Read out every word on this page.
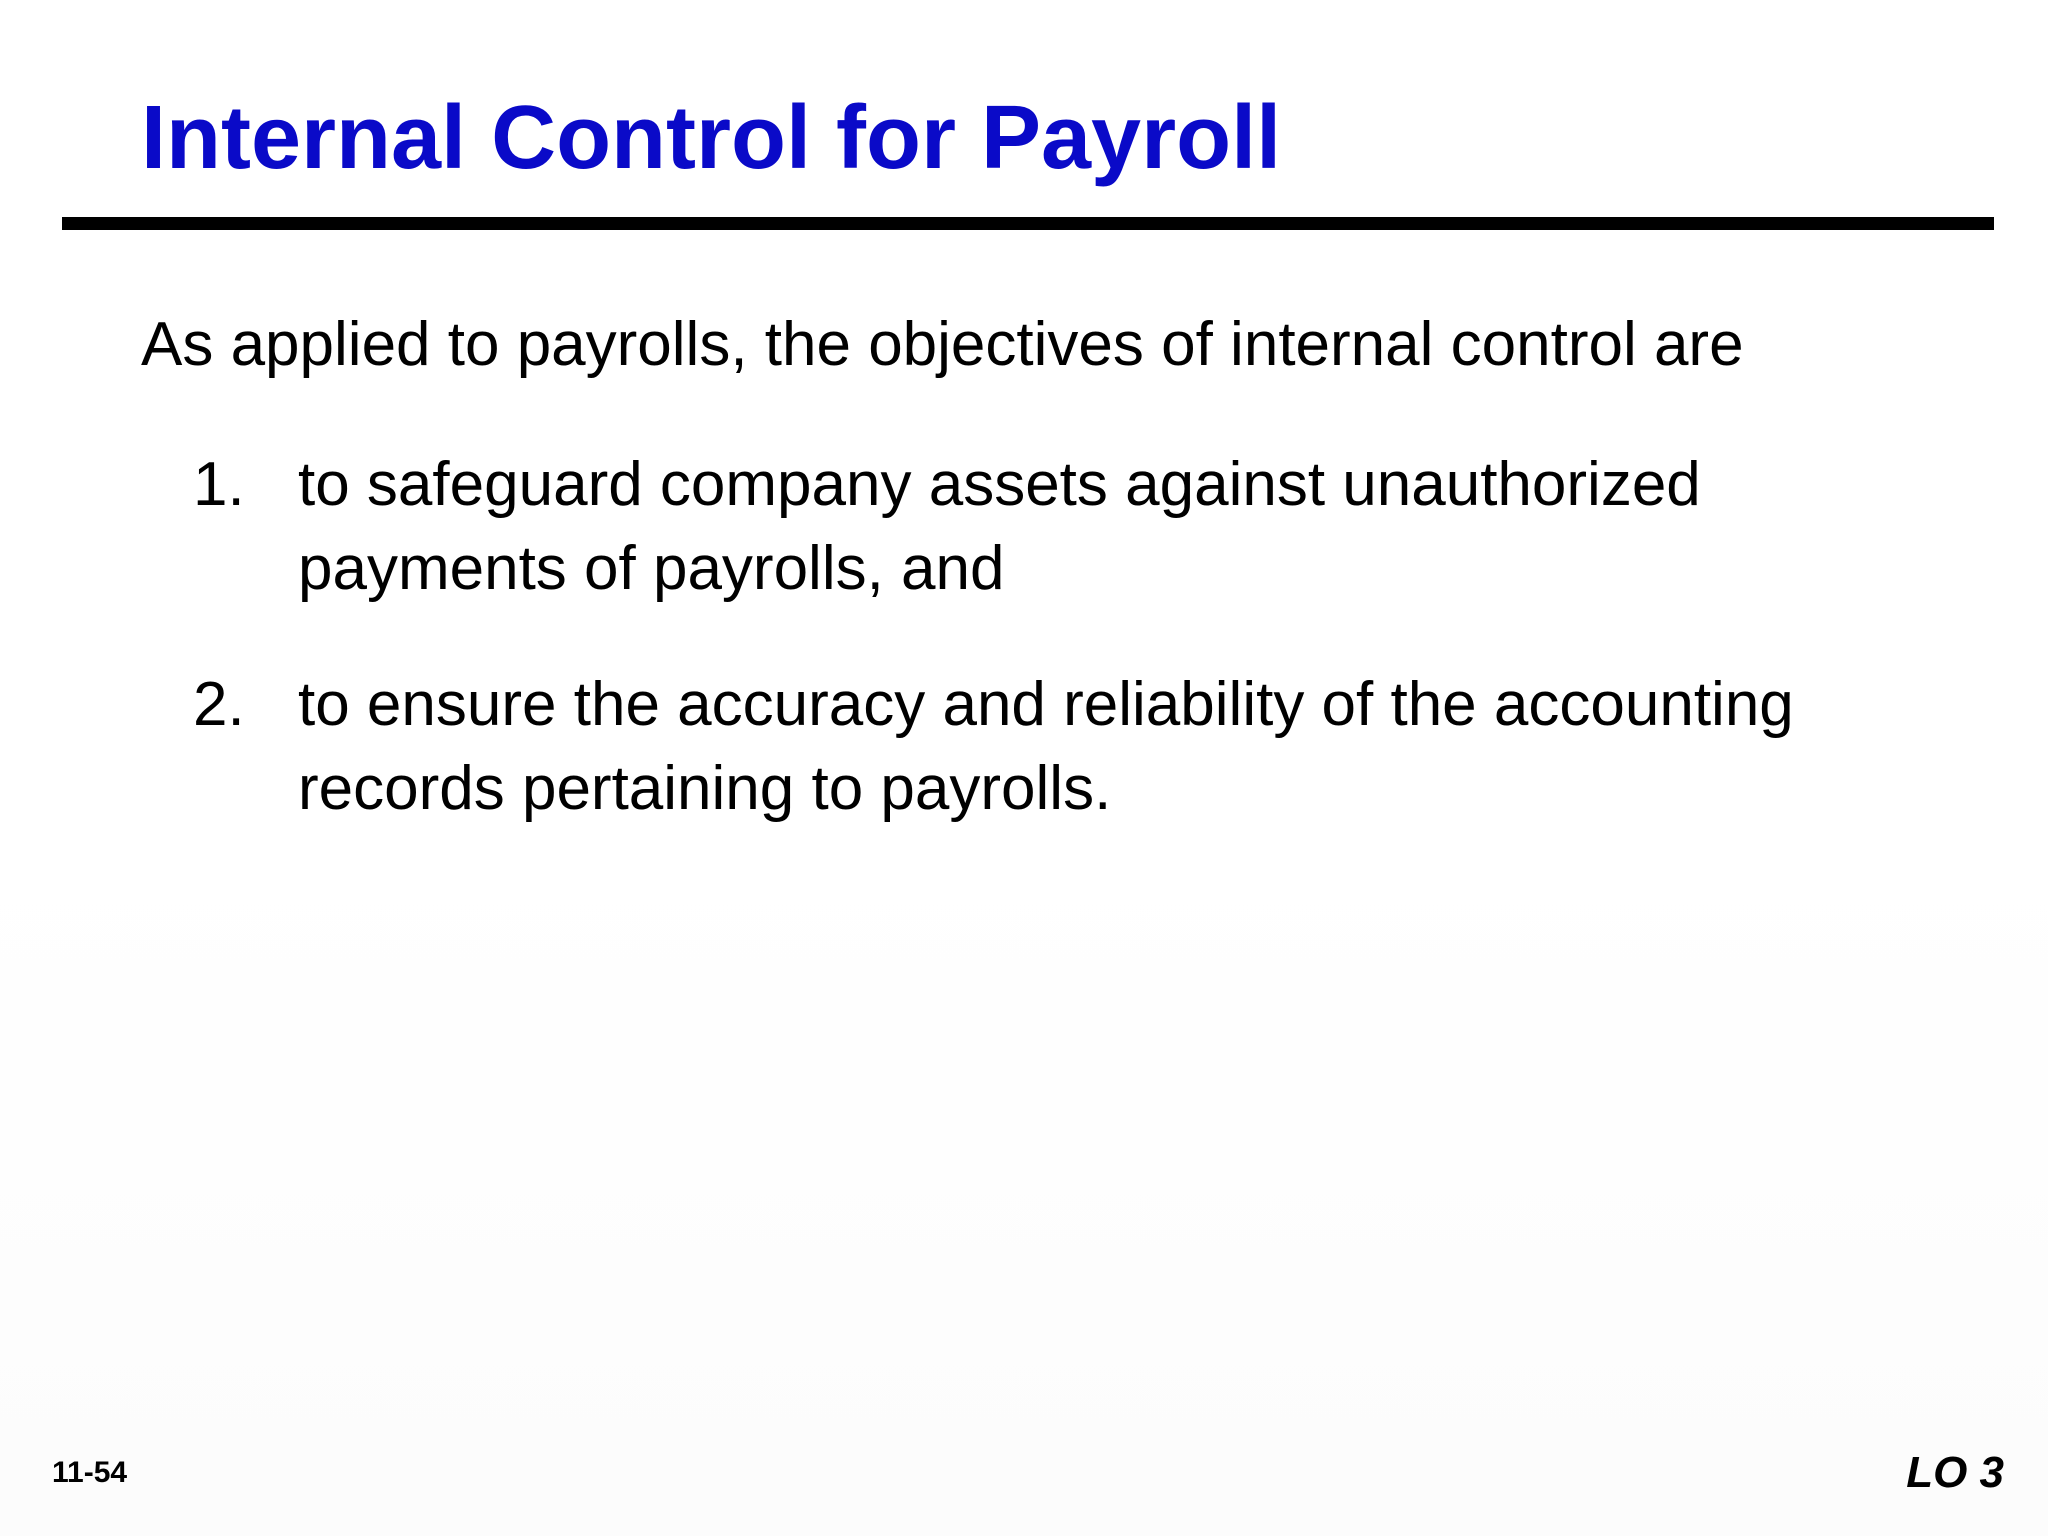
Internal Control for Payroll

As applied to payrolls, the objectives of internal control are

1. to safeguard company assets against unauthorized payments of payrolls, and
2. to ensure the accuracy and reliability of the accounting records pertaining to payrolls.
11-54	LO 3
